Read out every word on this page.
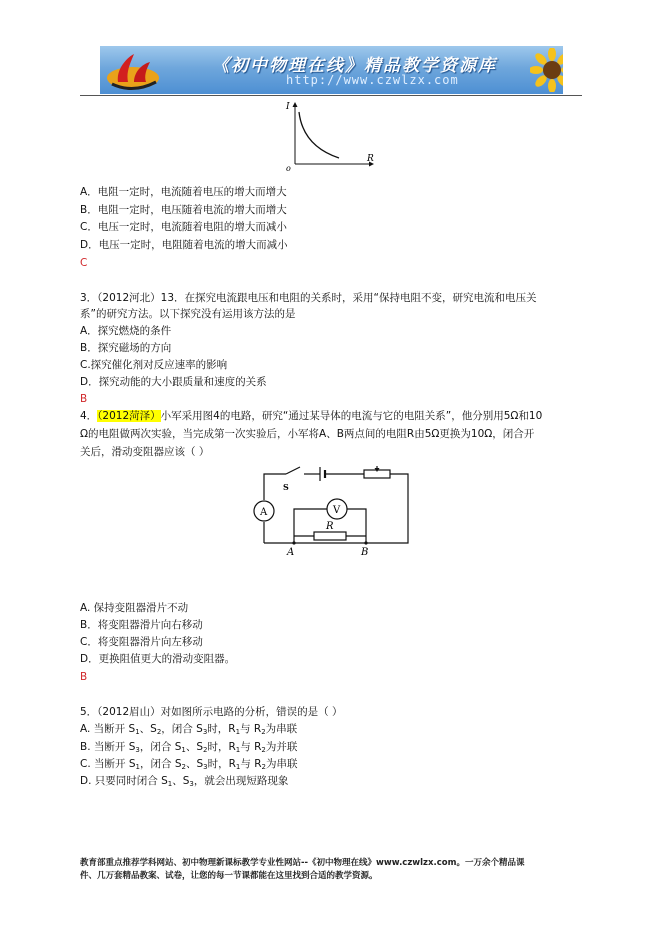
《初中物理在线》精品教学资源库
http://www.czwlzx.com
I
R
o
A．电阻一定时，电流随着电压的增大而增大
B．电阻一定时，电压随着电流的增大而增大
C．电压一定时，电流随着电阻的增大而减小
D．电压一定时，电阻随着电流的增大而减小
C
3．（2012河北）13．在探究电流跟电压和电阻的关系时，采用“保持电阻不变，研究电流和电压关
系”的研究方法。以下探究没有运用该方法的是
A．探究燃烧的条件
B．探究磁场的方向
C.探究催化剂对反应速率的影响
D．探究动能的大小跟质量和速度的关系
B
4．（2012菏泽）小军采用图4的电路，研究“通过某导体的电流与它的电阻关系”，他分别用5Ω和10
Ω的电阻做两次实验，当完成第一次实验后，小军将A、B两点间的电阻R由5Ω更换为10Ω，闭合开
关后，滑动变阻器应该（ ）
S
A	V
R
A	B
A. 保持变阻器滑片不动
B．将变阻器滑片向右移动
C．将变阻器滑片向左移动
D．更换阻值更大的滑动变阻器。
B
5．（2012眉山）对如图所示电路的分析，错误的是（ ）
A. 当断开 $S_1$、$S_2$，闭合 $S_3$时，$R_1$与 $R_2$为串联
B. 当断开 $S_3$，闭合 $S_1$、$S_2$时，$R_1$与 $R_2$为并联
C. 当断开 $S_1$，闭合 $S_2$、$S_3$时，$R_1$与 $R_2$为串联
D. 只要同时闭合 $S_1$、$S_3$，就会出现短路现象
教育部重点推荐学科网站、初中物理新课标教学专业性网站--《初中物理在线》www.czwlzx.com。一万余个精品课
件、几万套精品教案、试卷，让您的每一节课都能在这里找到合适的教学资源。
